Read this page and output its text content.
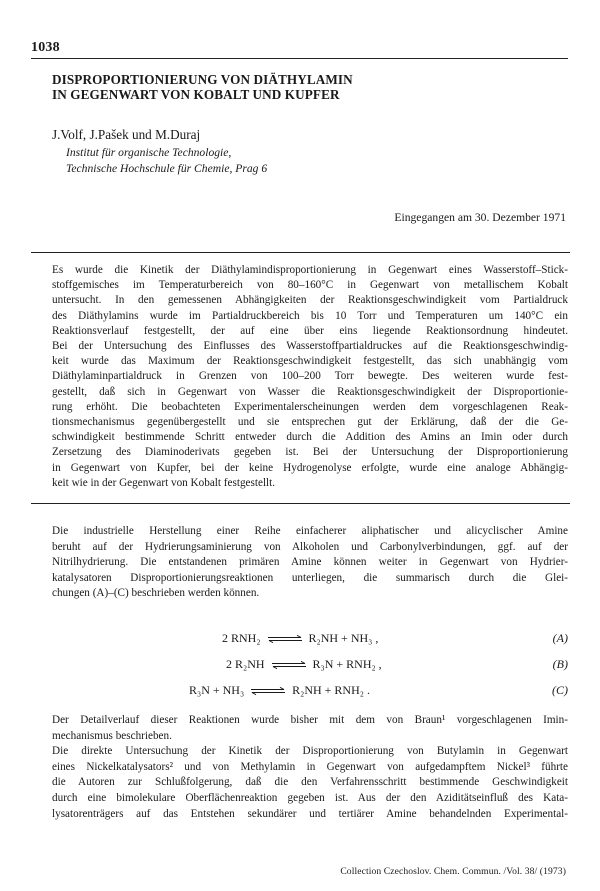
1038
DISPROPORTIONIERUNG VON DIÄTHYLAMIN
IN GEGENWART VON KOBALT UND KUPFER
J.Volf, J.Pašek und M.Duraj
Institut für organische Technologie,
Technische Hochschule für Chemie, Prag 6
Eingegangen am 30. Dezember 1971
Es wurde die Kinetik der Diäthylamindisproportionierung in Gegenwart eines Wasserstoff–Stick-
stoffgemisches im Temperaturbereich von 80–160°C in Gegenwart von metallischem Kobalt
untersucht. In den gemessenen Abhängigkeiten der Reaktionsgeschwindigkeit vom Partialdruck
des Diäthylamins wurde im Partialdruckbereich bis 10 Torr und Temperaturen um 140°C ein
Reaktionsverlauf festgestellt, der auf eine über eins liegende Reaktionsordnung hindeutet.
Bei der Untersuchung des Einflusses des Wasserstoffpartialdruckes auf die Reaktionsgeschwindig-
keit wurde das Maximum der Reaktionsgeschwindigkeit festgestellt, das sich unabhängig vom
Diäthylaminpartialdruck in Grenzen von 100–200 Torr bewegte. Des weiteren wurde fest-
gestellt, daß sich in Gegenwart von Wasser die Reaktionsgeschwindigkeit der Disproportionie-
rung erhöht. Die beobachteten Experimentalerscheinungen werden dem vorgeschlagenen Reak-
tionsmechanismus gegenübergestellt und sie entsprechen gut der Erklärung, daß der die Ge-
schwindigkeit bestimmende Schritt entweder durch die Addition des Amins an Imin oder durch
Zersetzung des Diaminoderivats gegeben ist. Bei der Untersuchung der Disproportionierung
in Gegenwart von Kupfer, bei der keine Hydrogenolyse erfolgte, wurde eine analoge Abhängig-
keit wie in der Gegenwart von Kobalt festgestellt.
Die industrielle Herstellung einer Reihe einfacherer aliphatischer und alicyclischer Amine
beruht auf der Hydrierungsaminierung von Alkoholen und Carbonylverbindungen, ggf. auf der
Nitrilhydrierung. Die entstandenen primären Amine können weiter in Gegenwart von Hydrier-
katalysatoren Disproportionierungsreaktionen unterliegen, die summarisch durch die Glei-
chungen (A)–(C) beschrieben werden können.
2 RNH₂ ⇌ R₂NH + NH₃ ,	(A)
2 R₂NH ⇌ R₃N + RNH₂ ,	(B)
R₃N + NH₃ ⇌ R₂NH + RNH₂ .	(C)
Der Detailverlauf dieser Reaktionen wurde bisher mit dem von Braun¹ vorgeschlagenen Imin-
mechanismus beschrieben.
Die direkte Untersuchung der Kinetik der Disproportionierung von Butylamin in Gegenwart
eines Nickelkatalysators² und von Methylamin in Gegenwart von aufgedampftem Nickel³ führte
die Autoren zur Schlußfolgerung, daß die den Verfahrensschritt bestimmende Geschwindigkeit
durch eine bimolekulare Oberflächenreaktion gegeben ist. Aus der den Aziditätseinfluß des Kata-
lysatorenträgers auf das Entstehen sekundärer und tertiärer Amine behandelnden Experimental-
Collection Czechoslov. Chem. Commun. /Vol. 38/ (1973)
